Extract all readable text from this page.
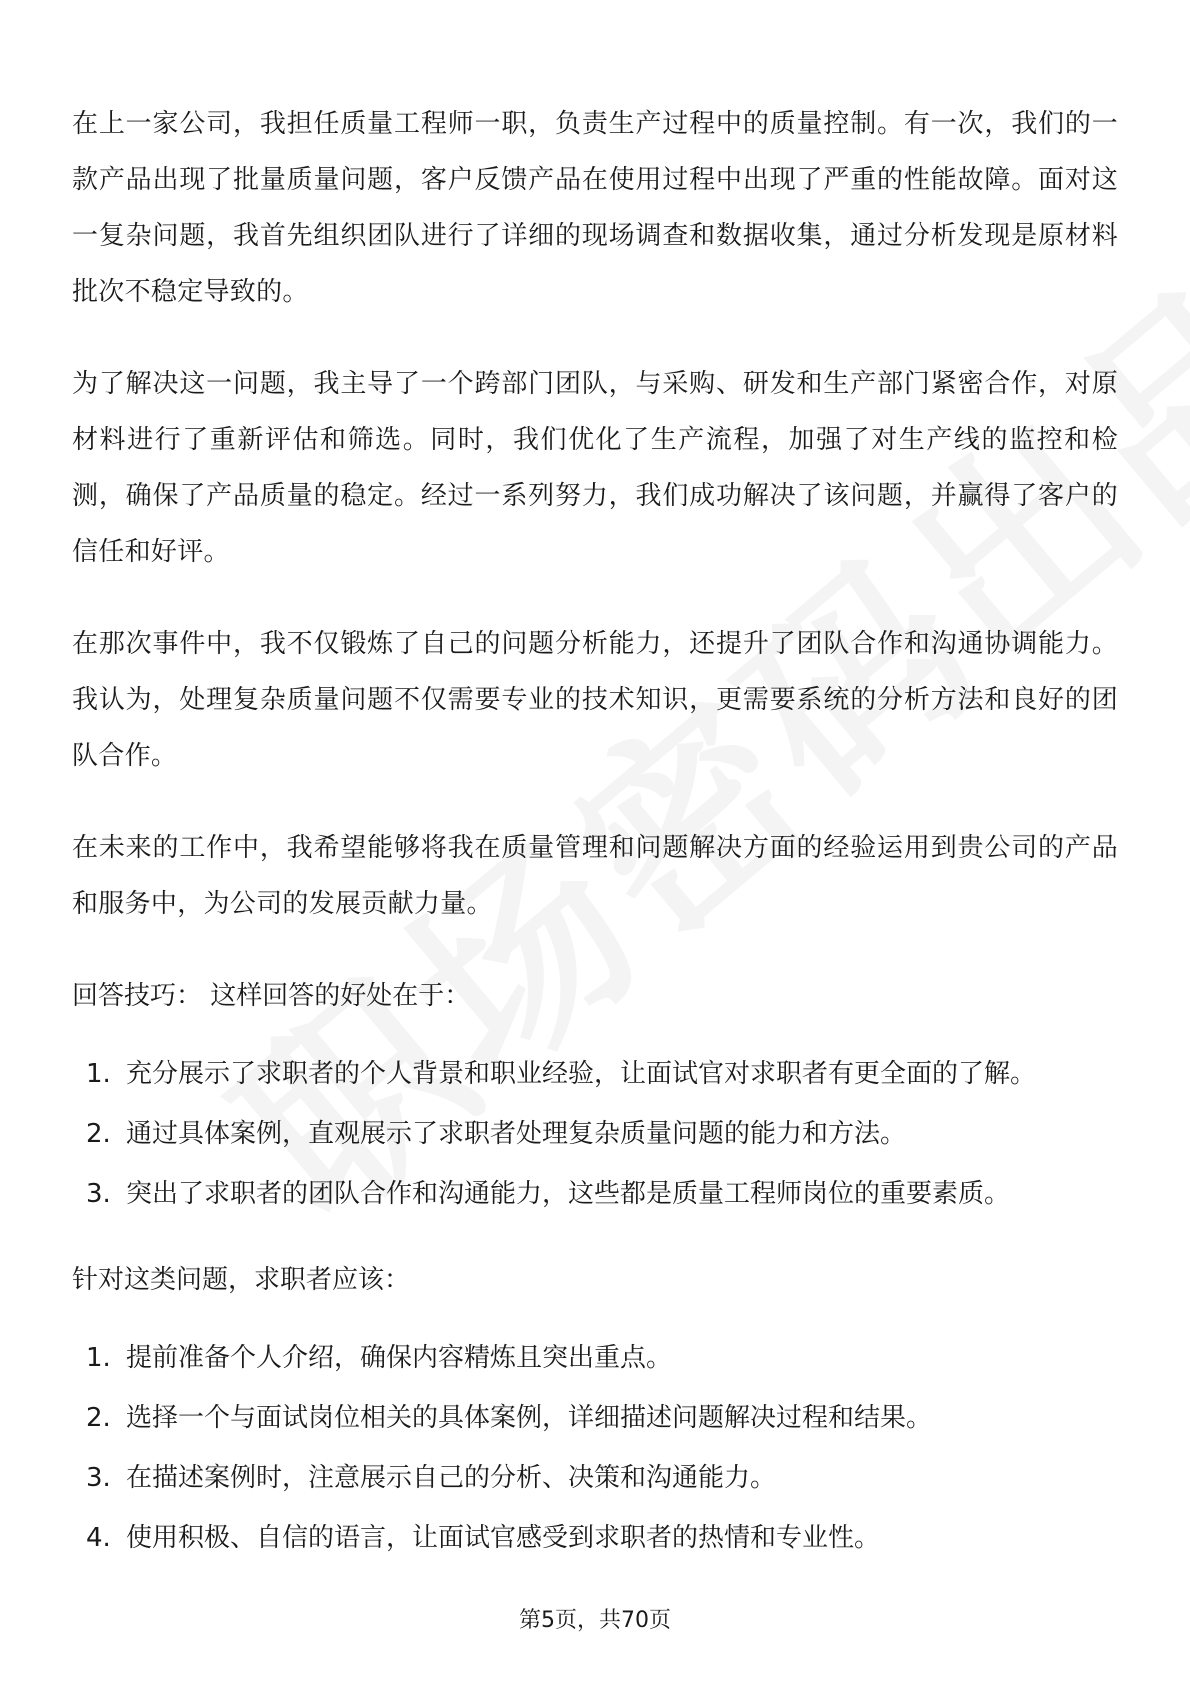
在上一家公司，我担任质量工程师一职，负责生产过程中的质量控制。有一次，我们的一款产品出现了批量质量问题，客户反馈产品在使用过程中出现了严重的性能故障。面对这一复杂问题，我首先组织团队进行了详细的现场调查和数据收集，通过分析发现是原材料批次不稳定导致的。

为了解决这一问题，我主导了一个跨部门团队，与采购、研发和生产部门紧密合作，对原材料进行了重新评估和筛选。同时，我们优化了生产流程，加强了对生产线的监控和检测，确保了产品质量的稳定。经过一系列努力，我们成功解决了该问题，并赢得了客户的信任和好评。

在那次事件中，我不仅锻炼了自己的问题分析能力，还提升了团队合作和沟通协调能力。我认为，处理复杂质量问题不仅需要专业的技术知识，更需要系统的分析方法和良好的团队合作。

在未来的工作中，我希望能够将我在质量管理和问题解决方面的经验运用到贵公司的产品和服务中，为公司的发展贡献力量。

回答技巧： 这样回答的好处在于：

1. 充分展示了求职者的个人背景和职业经验，让面试官对求职者有更全面的了解。
2. 通过具体案例，直观展示了求职者处理复杂质量问题的能力和方法。
3. 突出了求职者的团队合作和沟通能力，这些都是质量工程师岗位的重要素质。

针对这类问题，求职者应该：

1. 提前准备个人介绍，确保内容精炼且突出重点。
2. 选择一个与面试岗位相关的具体案例，详细描述问题解决过程和结果。
3. 在描述案例时，注意展示自己的分析、决策和沟通能力。
4. 使用积极、自信的语言，让面试官感受到求职者的热情和专业性。
第5页，共70页
